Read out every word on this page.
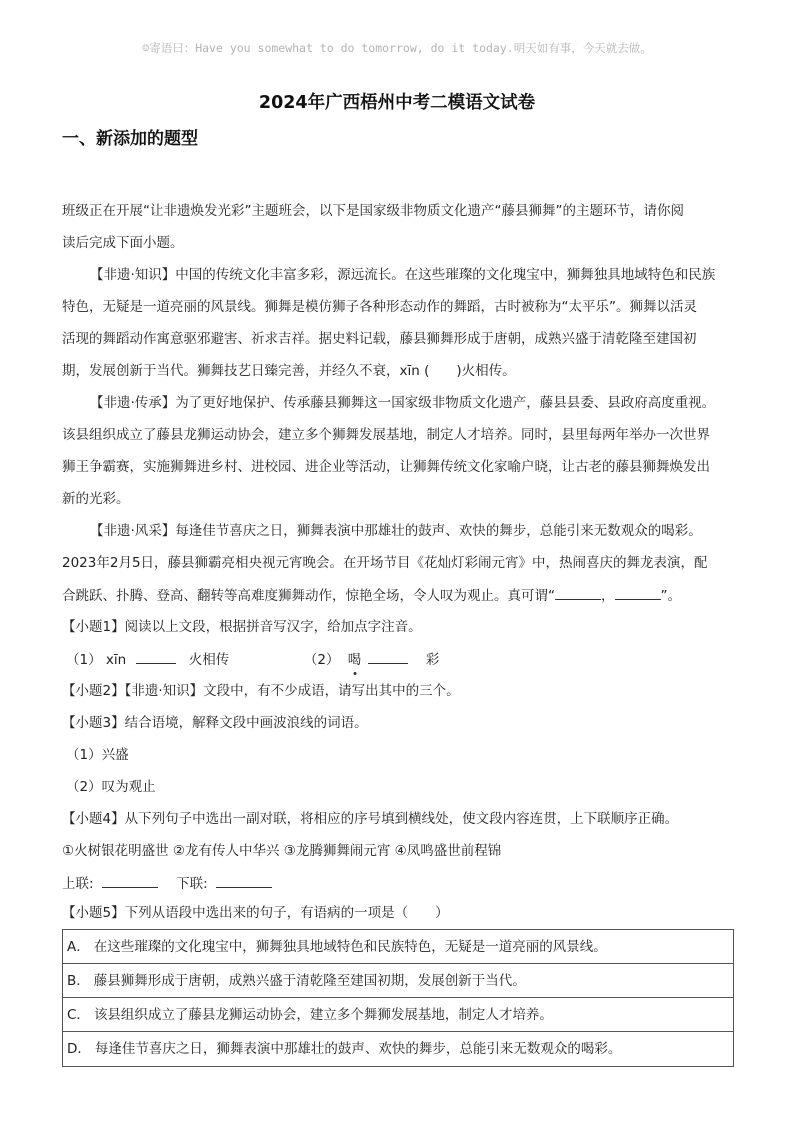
☺寄语曰：Have you somewhat to do tomorrow, do it today.明天如有事，今天就去做。
2024年广西梧州中考二模语文试卷
一、新添加的题型
班级正在开展“让非遗焕发光彩”主题班会，以下是国家级非物质文化遗产“藤县狮舞”的主题环节，请你阅
读后完成下面小题。
【非遗·知识】中国的传统文化丰富多彩，源远流长。在这些璀璨的文化瑰宝中，狮舞独具地域特色和民族
特色，无疑是一道亮丽的风景线。狮舞是模仿狮子各种形态动作的舞蹈，古时被称为“太平乐”。狮舞以活灵
活现的舞蹈动作寓意驱邪避害、祈求吉祥。据史料记载，藤县狮舞形成于唐朝，成熟兴盛于清乾隆至建国初
期，发展创新于当代。狮舞技艺日臻完善，并经久不衰，xīn (　　)火相传。
【非遗·传承】为了更好地保护、传承藤县狮舞这一国家级非物质文化遗产，藤县县委、县政府高度重视。
该县组织成立了藤县龙狮运动协会，建立多个狮舞发展基地，制定人才培养。同时，县里每两年举办一次世界
狮王争霸赛，实施狮舞进乡村、进校园、进企业等活动，让狮舞传统文化家喻户晓，让古老的藤县狮舞焕发出
新的光彩。
【非遗·风采】每逢佳节喜庆之日，狮舞表演中那雄壮的鼓声、欢快的舞步，总能引来无数观众的喝彩。
2023年2月5日，藤县狮霸亮相央视元宵晚会。在开场节目《花灿灯彩闹元宵》中，热闹喜庆的舞龙表演，配
合跳跃、扑腾、登高、翻转等高难度狮舞动作，惊艳全场，令人叹为观止。真可谓“	，	”。
【小题1】阅读以上文段，根据拼音写汉字，给加点字注音。
（1） xīn	火相传	（2） 喝	彩
【小题2】【非遗·知识】文段中，有不少成语，请写出其中的三个。
【小题3】结合语境，解释文段中画波浪线的词语。
（1）兴盛
（2）叹为观止
【小题4】从下列句子中选出一副对联，将相应的序号填到横线处，使文段内容连贯，上下联顺序正确。
①火树银花明盛世 ②龙有传人中华兴 ③龙腾狮舞闹元宵 ④凤鸣盛世前程锦
上联:	下联:
【小题5】下列从语段中选出来的句子，有语病的一项是（　　）
A． 在这些璀璨的文化瑰宝中，狮舞独具地域特色和民族特色，无疑是一道亮丽的风景线。
B． 藤县狮舞形成于唐朝，成熟兴盛于清乾隆至建国初期，发展创新于当代。
C． 该县组织成立了藤县龙狮运动协会，建立多个舞狮发展基地，制定人才培养。
D． 每逢佳节喜庆之日，狮舞表演中那雄壮的鼓声、欢快的舞步，总能引来无数观众的喝彩。
